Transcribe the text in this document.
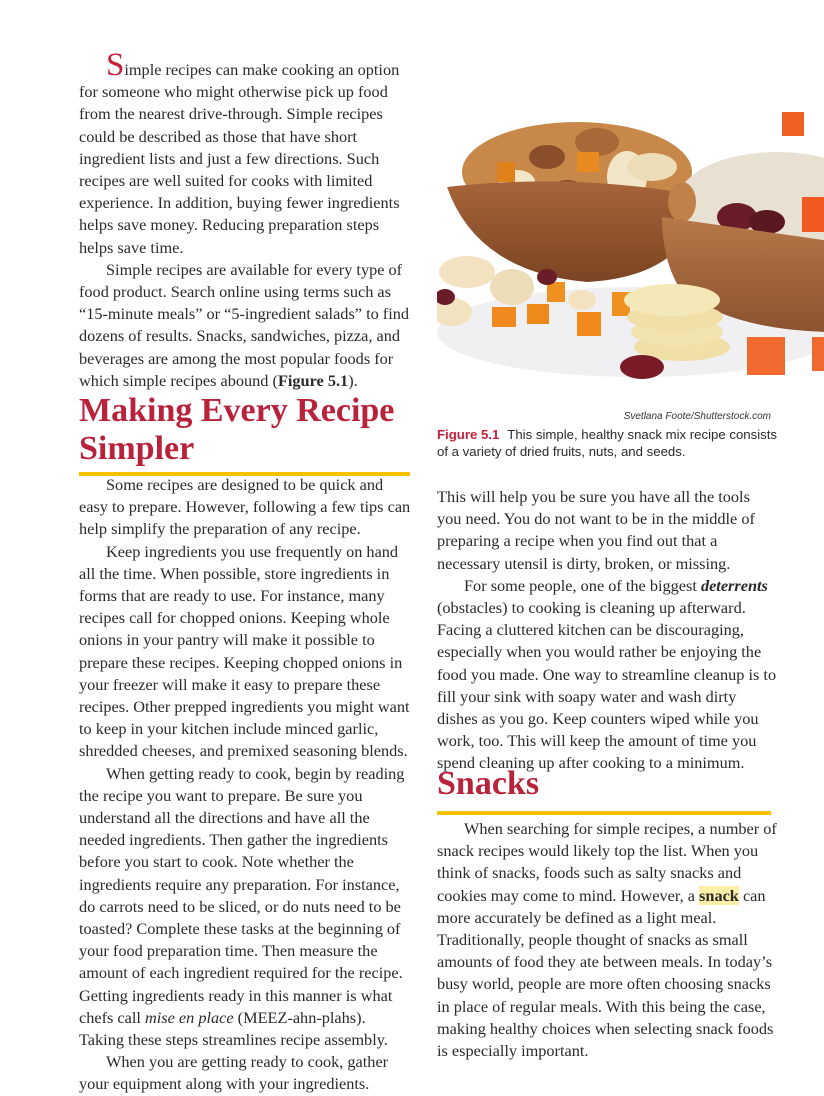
Simple recipes can make cooking an option for someone who might otherwise pick up food from the nearest drive-through. Simple recipes could be described as those that have short ingredient lists and just a few directions. Such recipes are well suited for cooks with limited experience. In addition, buying fewer ingredients helps save money. Reducing preparation steps helps save time.

Simple recipes are available for every type of food product. Search online using terms such as “15-minute meals” or “5-ingredient salads” to find dozens of results. Snacks, sandwiches, pizza, and beverages are among the most popular foods for which simple recipes abound (Figure 5.1).

Making Every Recipe Simpler

Some recipes are designed to be quick and easy to prepare. However, following a few tips can help simplify the preparation of any recipe.

Keep ingredients you use frequently on hand all the time. When possible, store ingredients in forms that are ready to use. For instance, many recipes call for chopped onions. Keeping whole onions in your pantry will make it possible to prepare these recipes. Keeping chopped onions in your freezer will make it easy to prepare these recipes. Other prepped ingredients you might want to keep in your kitchen include minced garlic, shredded cheeses, and premixed seasoning blends.

When getting ready to cook, begin by reading the recipe you want to prepare. Be sure you understand all the directions and have all the needed ingredients. Then gather the ingredients before you start to cook. Note whether the ingredients require any preparation. For instance, do carrots need to be sliced, or do nuts need to be toasted? Complete these tasks at the beginning of your food preparation time. Then measure the amount of each ingredient required for the recipe. Getting ingredients ready in this manner is what chefs call mise en place (MEEZ-ahn-plahs). Taking these steps streamlines recipe assembly.

When you are getting ready to cook, gather your equipment along with your ingredients.

Svetlana Foote/Shutterstock.com
Figure 5.1 This simple, healthy snack mix recipe consists of a variety of dried fruits, nuts, and seeds.

This will help you be sure you have all the tools you need. You do not want to be in the middle of preparing a recipe when you find out that a necessary utensil is dirty, broken, or missing.

For some people, one of the biggest deterrents (obstacles) to cooking is cleaning up afterward. Facing a cluttered kitchen can be discouraging, especially when you would rather be enjoying the food you made. One way to streamline cleanup is to fill your sink with soapy water and wash dirty dishes as you go. Keep counters wiped while you work, too. This will keep the amount of time you spend cleaning up after cooking to a minimum.

Snacks

When searching for simple recipes, a number of snack recipes would likely top the list. When you think of snacks, foods such as salty snacks and cookies may come to mind. However, a snack can more accurately be defined as a light meal. Traditionally, people thought of snacks as small amounts of food they ate between meals. In today’s busy world, people are more often choosing snacks in place of regular meals. With this being the case, making healthy choices when selecting snack foods is especially important.
